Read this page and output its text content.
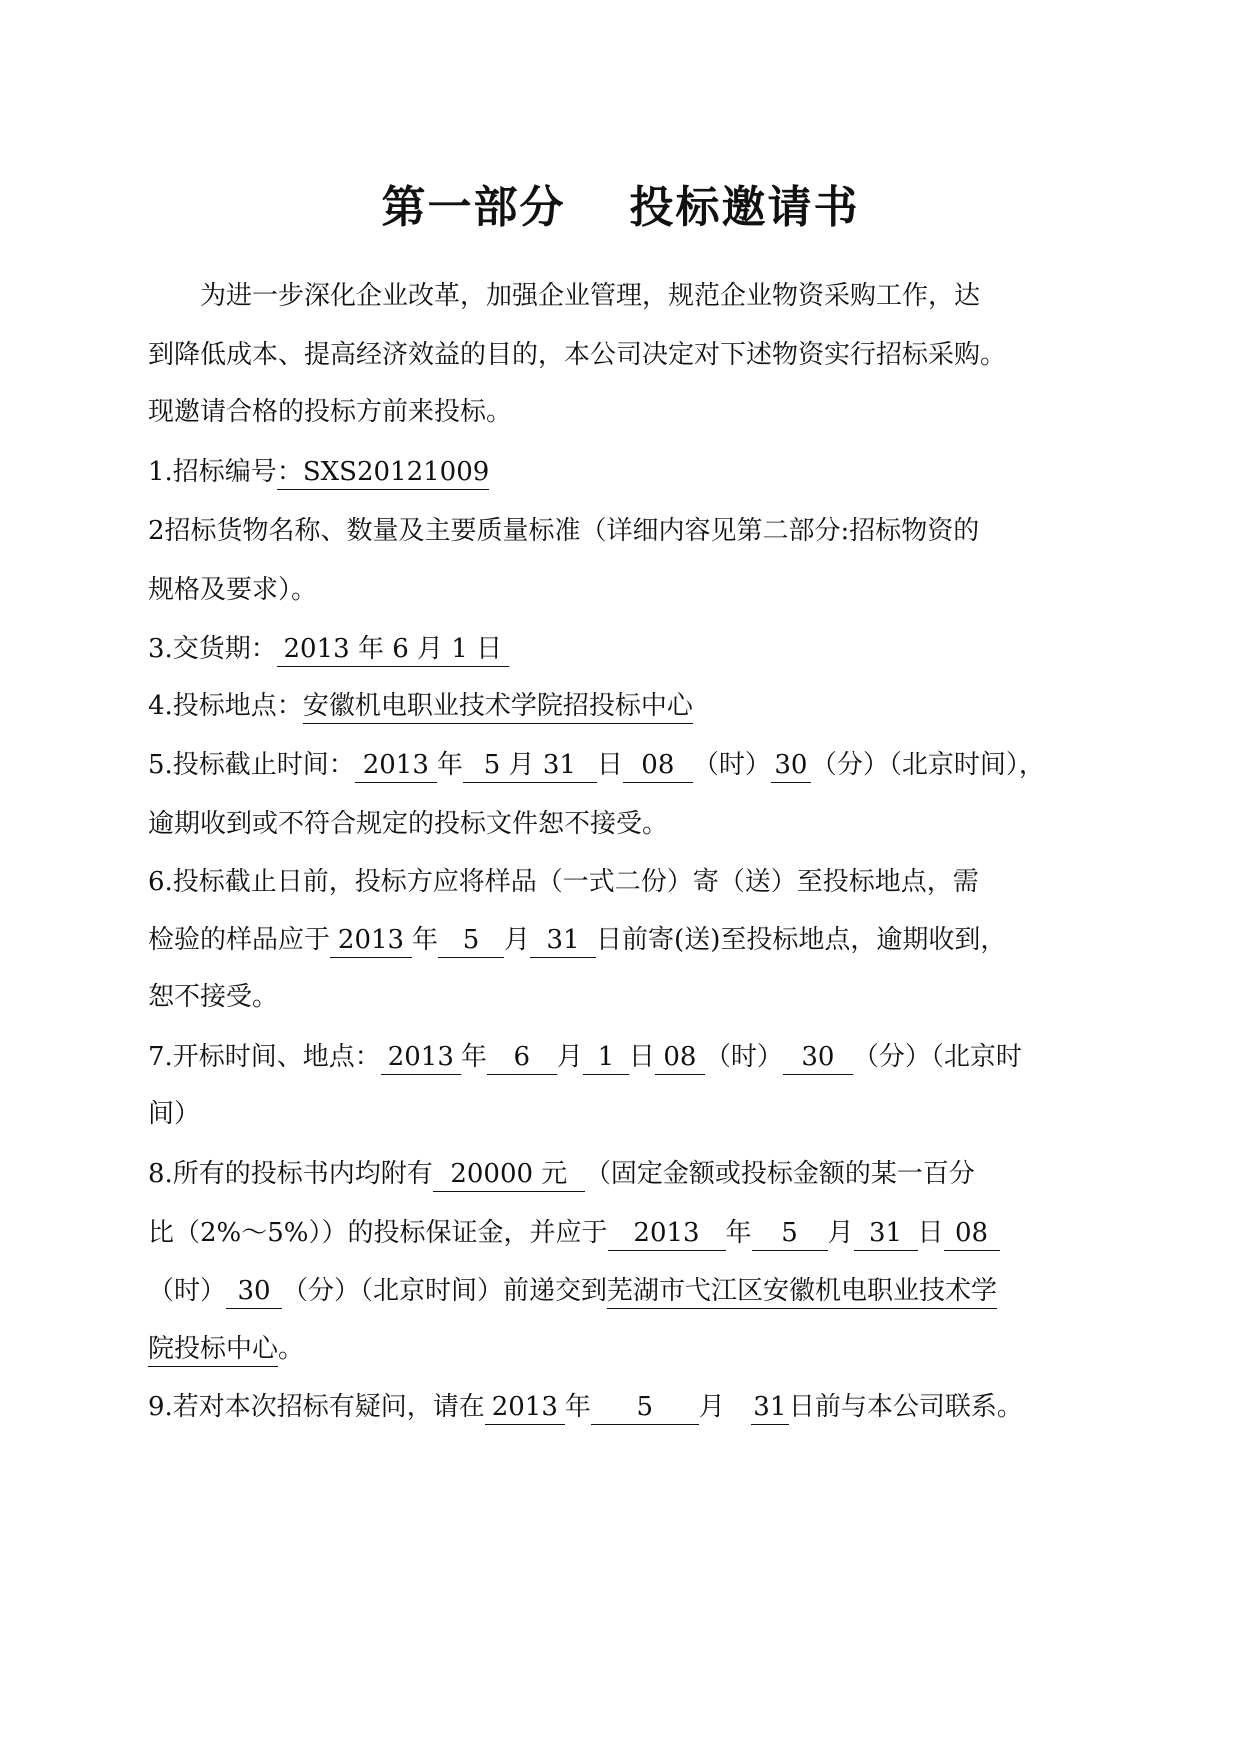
第一部分 投标邀请书
为进一步深化企业改革，加强企业管理，规范企业物资采购工作，达
到降低成本、提高经济效益的目的，本公司决定对下述物资实行招标采购。
现邀请合格的投标方前来投标。
1.招标编号：SXS20121009
2招标货物名称、数量及主要质量标准（详细内容见第二部分:招标物资的
规格及要求）。
3.交货期： 2013 年 6 月 1 日
4.投标地点：安徽机电职业技术学院招投标中心
5.投标截止时间： 2013 年 5 月 31 日 08 （时） 30 （分）（北京时间），
逾期收到或不符合规定的投标文件恕不接受。
6.投标截止日前，投标方应将样品（一式二份）寄（送）至投标地点，需
检验的样品应于 2013 年 5 月 31 日前寄(送)至投标地点，逾期收到，
恕不接受。
7.开标时间、地点： 2013 年 6 月 1 日 08 （时） 30 （分）（北京时
间）
8.所有的投标书内均附有 20000 元 （固定金额或投标金额的某一百分
比（2%～5%））的投标保证金，并应于 2013 年 5 月 31 日 08
（时） 30 （分）（北京时间）前递交到芜湖市弋江区安徽机电职业技术学
院投标中心。
9.若对本次招标有疑问，请在 2013 年 5 月 31日前与本公司联系。
